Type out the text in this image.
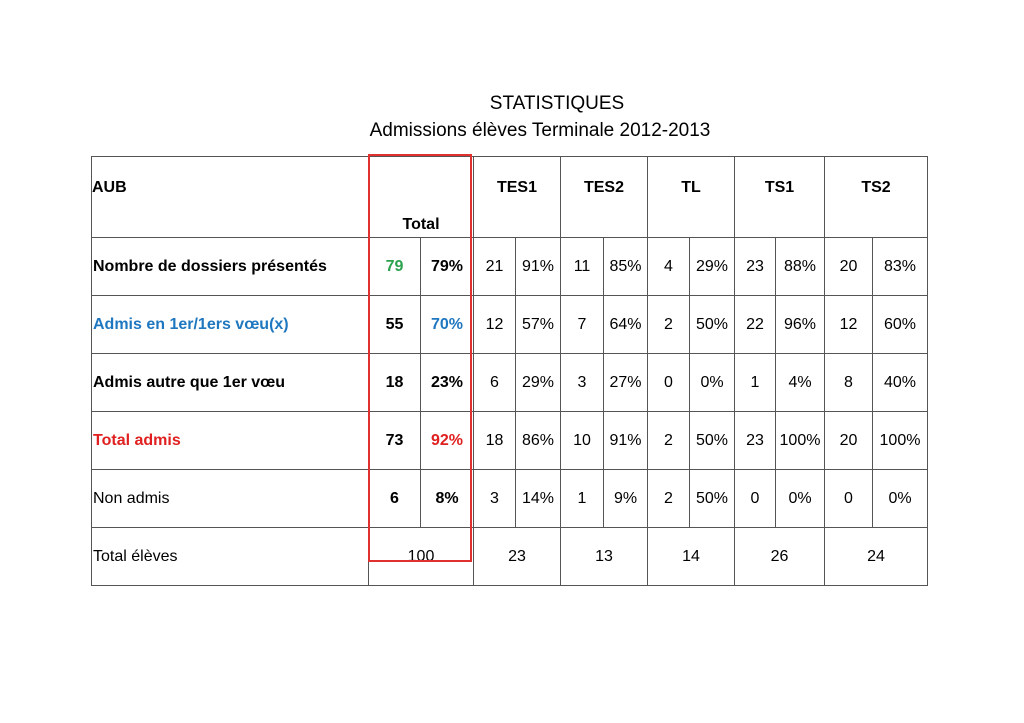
STATISTIQUES
Admissions élèves Terminale 2012-2013
AUB	Total		TES1		TES2		TL		TS1		TS2	
Nombre de dossiers présentés	79	79%	21	91%	11	85%	4	29%	23	88%	20	83%
Admis en 1er/1ers vœu(x)	55	70%	12	57%	7	64%	2	50%	22	96%	12	60%
Admis autre que 1er vœu	18	23%	6	29%	3	27%	0	0%	1	4%	8	40%
Total admis	73	92%	18	86%	10	91%	2	50%	23	100%	20	100%
Non admis	6	8%	3	14%	1	9%	2	50%	0	0%	0	0%
Total élèves	100		23		13		14		26		24	
